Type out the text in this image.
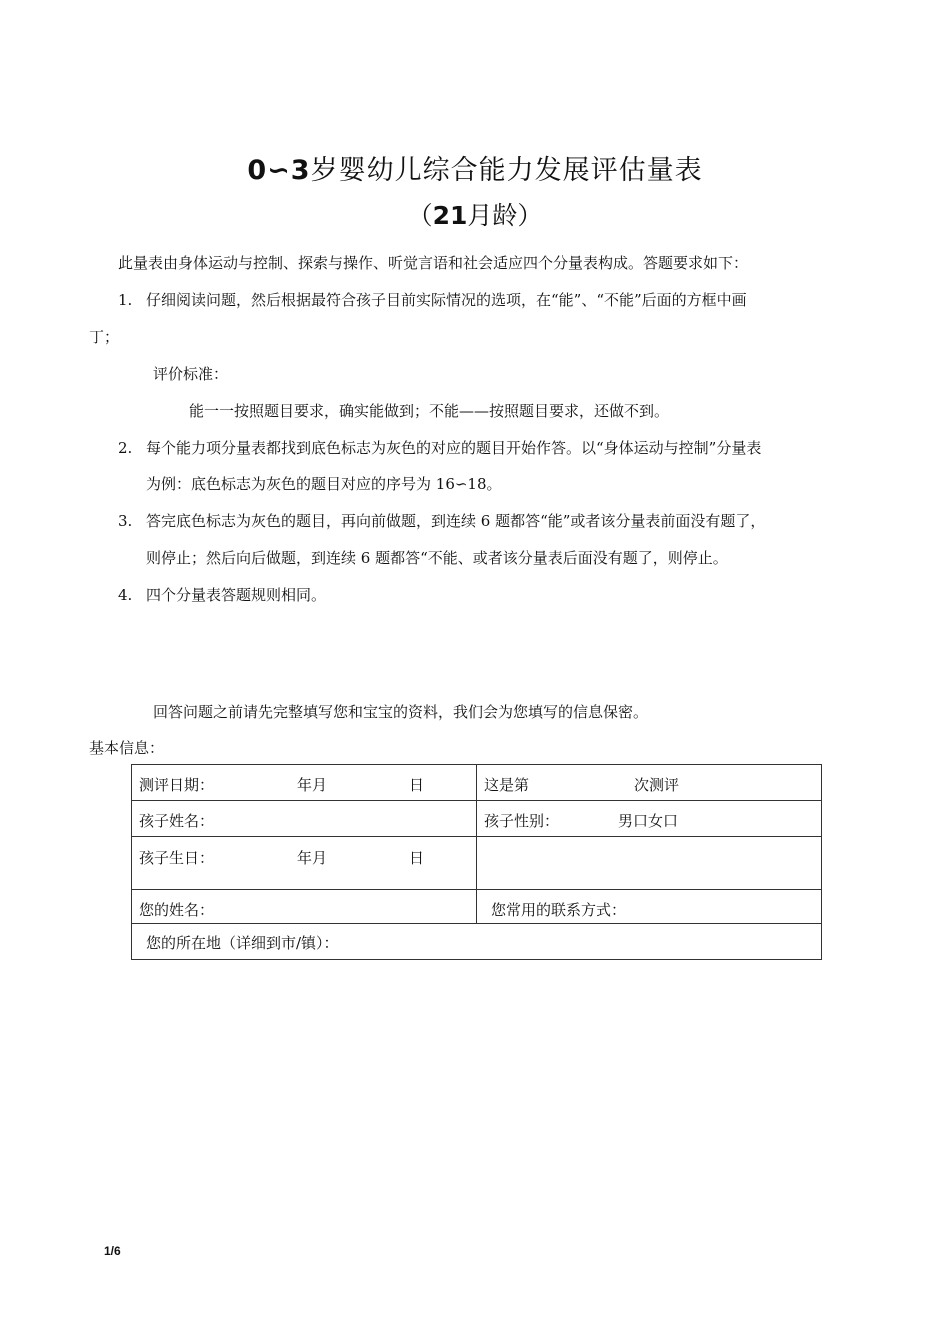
0∽3岁婴幼儿综合能力发展评估量表
（21月龄）
此量表由身体运动与控制、探索与操作、听觉言语和社会适应四个分量表构成。答题要求如下：
1. 仔细阅读问题，然后根据最符合孩子目前实际情况的选项，在“能”、“不能”后面的方框中画
丁；
评价标准：
能一一按照题目要求，确实能做到；不能——按照题目要求，还做不到。
2. 每个能力项分量表都找到底色标志为灰色的对应的题目开始作答。以“身体运动与控制”分量表
为例：底色标志为灰色的题目对应的序号为 16∽18。
3. 答完底色标志为灰色的题目，再向前做题，到连续 6 题都答“能”或者该分量表前面没有题了，
则停止；然后向后做题，到连续 6 题都答“不能、或者该分量表后面没有题了，则停止。
4. 四个分量表答题规则相同。
回答问题之前请先完整填写您和宝宝的资料，我们会为您填写的信息保密。
基本信息：
测评日期： 年月 日	这是第 次测评
孩子姓名：	孩子性别： 男口女口
孩子生日： 年月 日	
您的姓名：	您常用的联系方式：
您的所在地（详细到市/镇）：	
1/6
